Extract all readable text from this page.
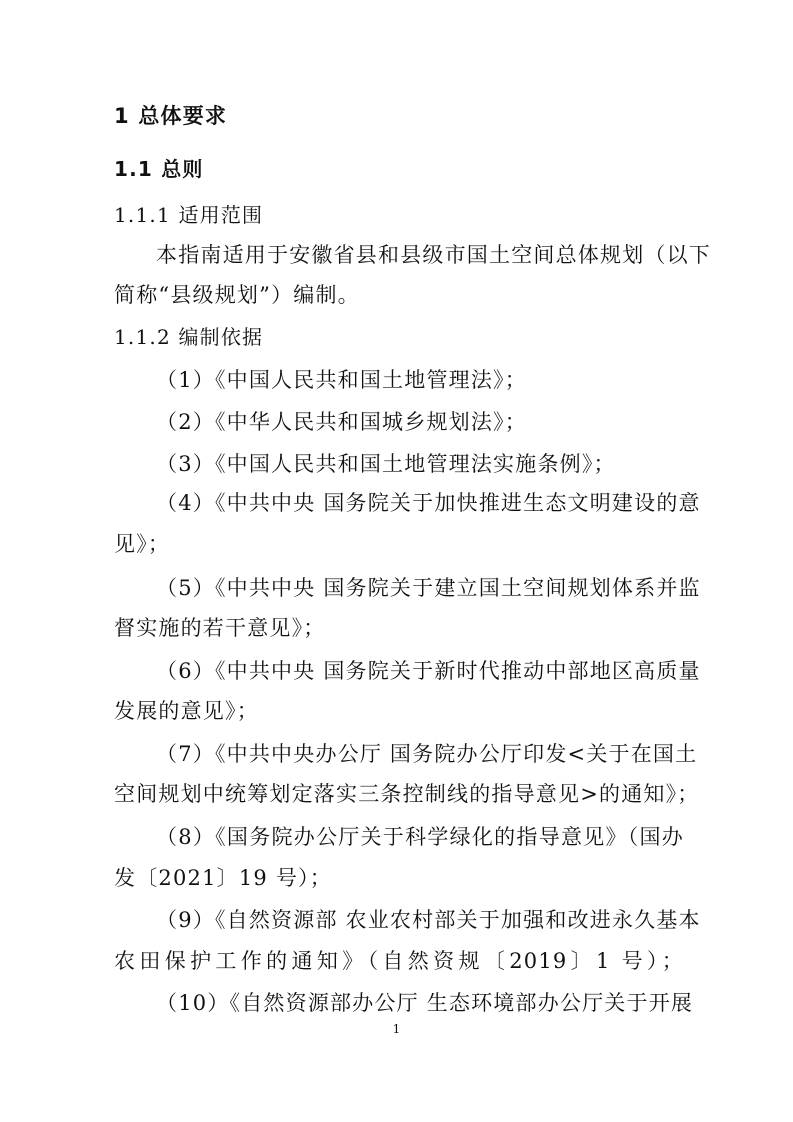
1 总体要求
1.1 总则
1.1.1 适用范围
本指南适用于安徽省县和县级市国土空间总体规划（以下
简称“县级规划”）编制。
1.1.2 编制依据
（1）《中国人民共和国土地管理法》；
（2）《中华人民共和国城乡规划法》；
（3）《中国人民共和国土地管理法实施条例》；
（4）《中共中央 国务院关于加快推进生态文明建设的意
见》；
（5）《中共中央 国务院关于建立国土空间规划体系并监
督实施的若干意见》；
（6）《中共中央 国务院关于新时代推动中部地区高质量
发展的意见》；
（7）《中共中央办公厅 国务院办公厅印发<关于在国土
空间规划中统筹划定落实三条控制线的指导意见>的通知》；
（8）《国务院办公厅关于科学绿化的指导意见》（国办
发〔2021〕19 号）；
（9）《自然资源部 农业农村部关于加强和改进永久基本
农田保护工作的通知》（自然资规〔2019〕1 号）；
（10）《自然资源部办公厅 生态环境部办公厅关于开展
1
